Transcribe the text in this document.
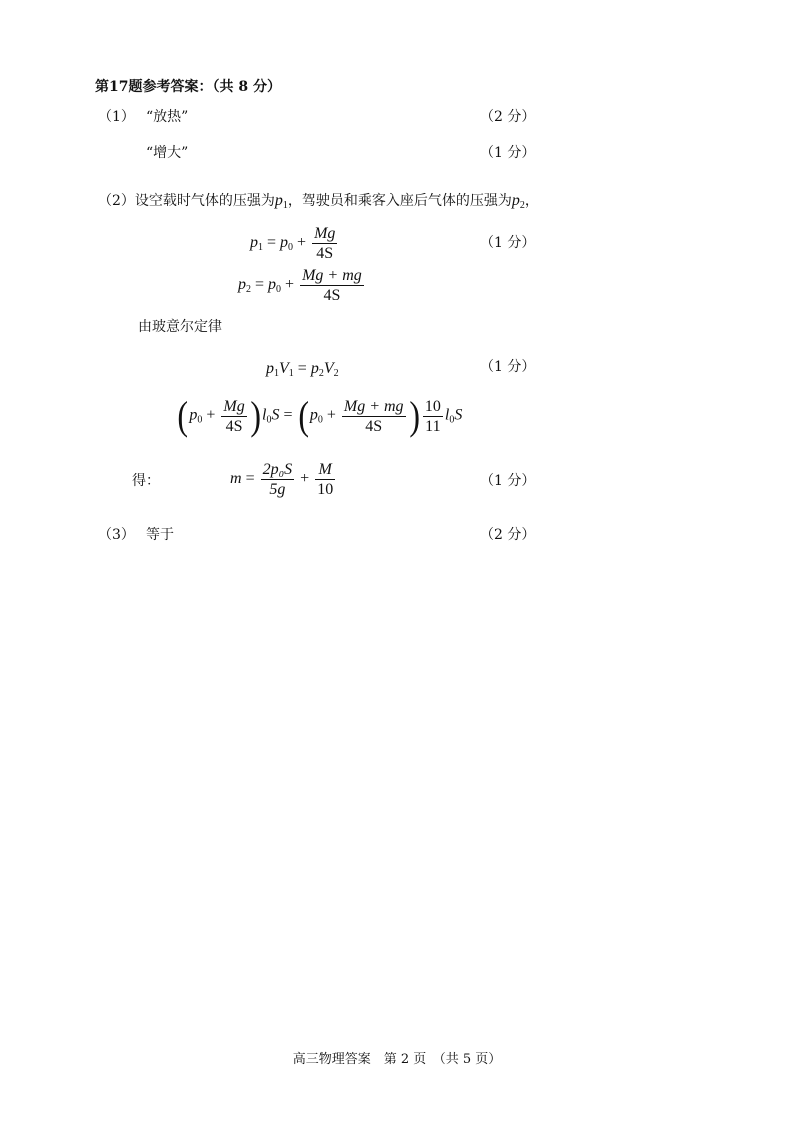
第17题参考答案：（共 8 分）
（1） “放热”	（2 分）
“增大”	（1 分）
（2）设空载时气体的压强为$p_1$，驾驶员和乘客入座后气体的压强为$p_2$，
$p_1 = p_0 + \frac{Mg}{4S}$	（1 分）
$p_2 = p_0 + \frac{Mg + mg}{4S}$
由玻意尔定律
$p_1V_1 = p_2V_2$	（1 分）
$(p_0 + \frac{Mg}{4S} )l_0S = (p_0 + \frac{Mg + mg}{4S}$ ) $\frac{10}{11} l_0S$
得：	$m = \frac{\text{2p₀S}}{5g} + \frac{M}{10}$	（1 分）
（3） 等于	（2 分）
高三物理答案　第 2 页　（共 5 页）
